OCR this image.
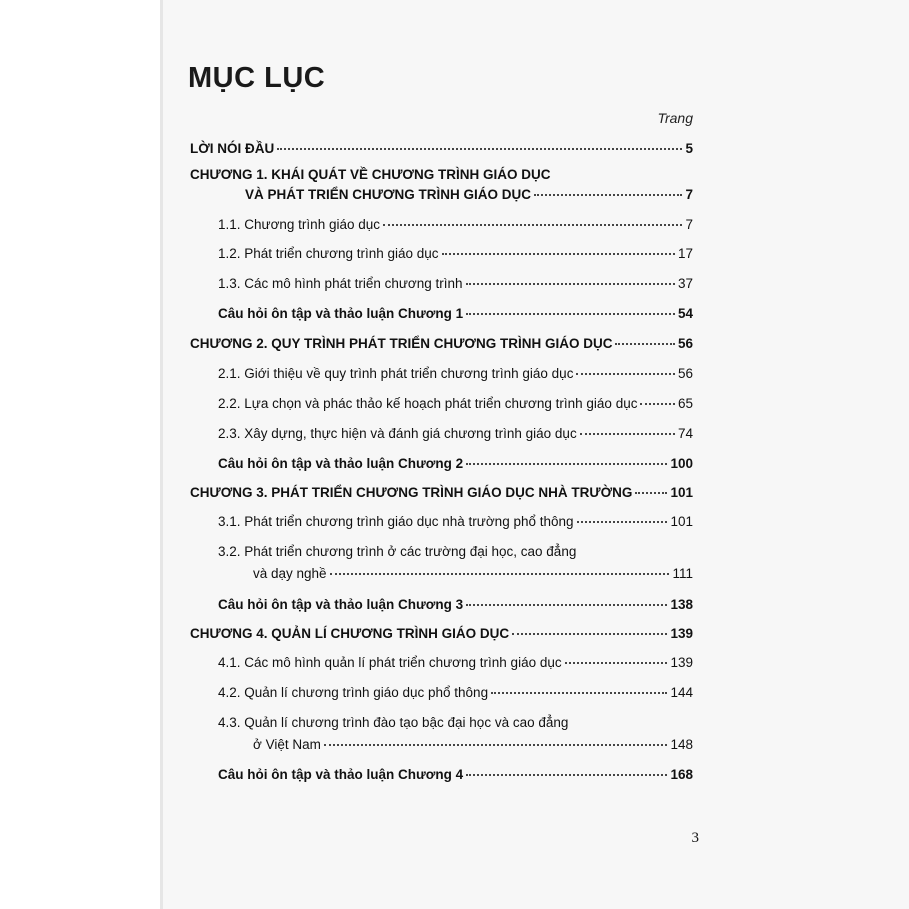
MỤC LỤC
Trang
LỜI NÓI ĐẦU	5
CHƯƠNG 1. KHÁI QUÁT VỀ CHƯƠNG TRÌNH GIÁO DỤC
VÀ PHÁT TRIỂN CHƯƠNG TRÌNH GIÁO DỤC	7
1.1. Chương trình giáo dục	7
1.2. Phát triển chương trình giáo dục	17
1.3. Các mô hình phát triển chương trình	37
Câu hỏi ôn tập và thảo luận Chương 1	54
CHƯƠNG 2. QUY TRÌNH PHÁT TRIỂN CHƯƠNG TRÌNH GIÁO DỤC	56
2.1. Giới thiệu về quy trình phát triển chương trình giáo dục	56
2.2. Lựa chọn và phác thảo kế hoạch phát triển chương trình giáo dục	65
2.3. Xây dựng, thực hiện và đánh giá chương trình giáo dục	74
Câu hỏi ôn tập và thảo luận Chương 2	100
CHƯƠNG 3. PHÁT TRIỂN CHƯƠNG TRÌNH GIÁO DỤC NHÀ TRƯỜNG	101
3.1. Phát triển chương trình giáo dục nhà trường phổ thông	101
3.2. Phát triển chương trình ở các trường đại học, cao đẳng
và dạy nghề	111
Câu hỏi ôn tập và thảo luận Chương 3	138
CHƯƠNG 4. QUẢN LÍ CHƯƠNG TRÌNH GIÁO DỤC	139
4.1. Các mô hình quản lí phát triển chương trình giáo dục	139
4.2. Quản lí chương trình giáo dục phổ thông	144
4.3. Quản lí chương trình đào tạo bậc đại học và cao đẳng
ở Việt Nam	148
Câu hỏi ôn tập và thảo luận Chương 4	168
3
